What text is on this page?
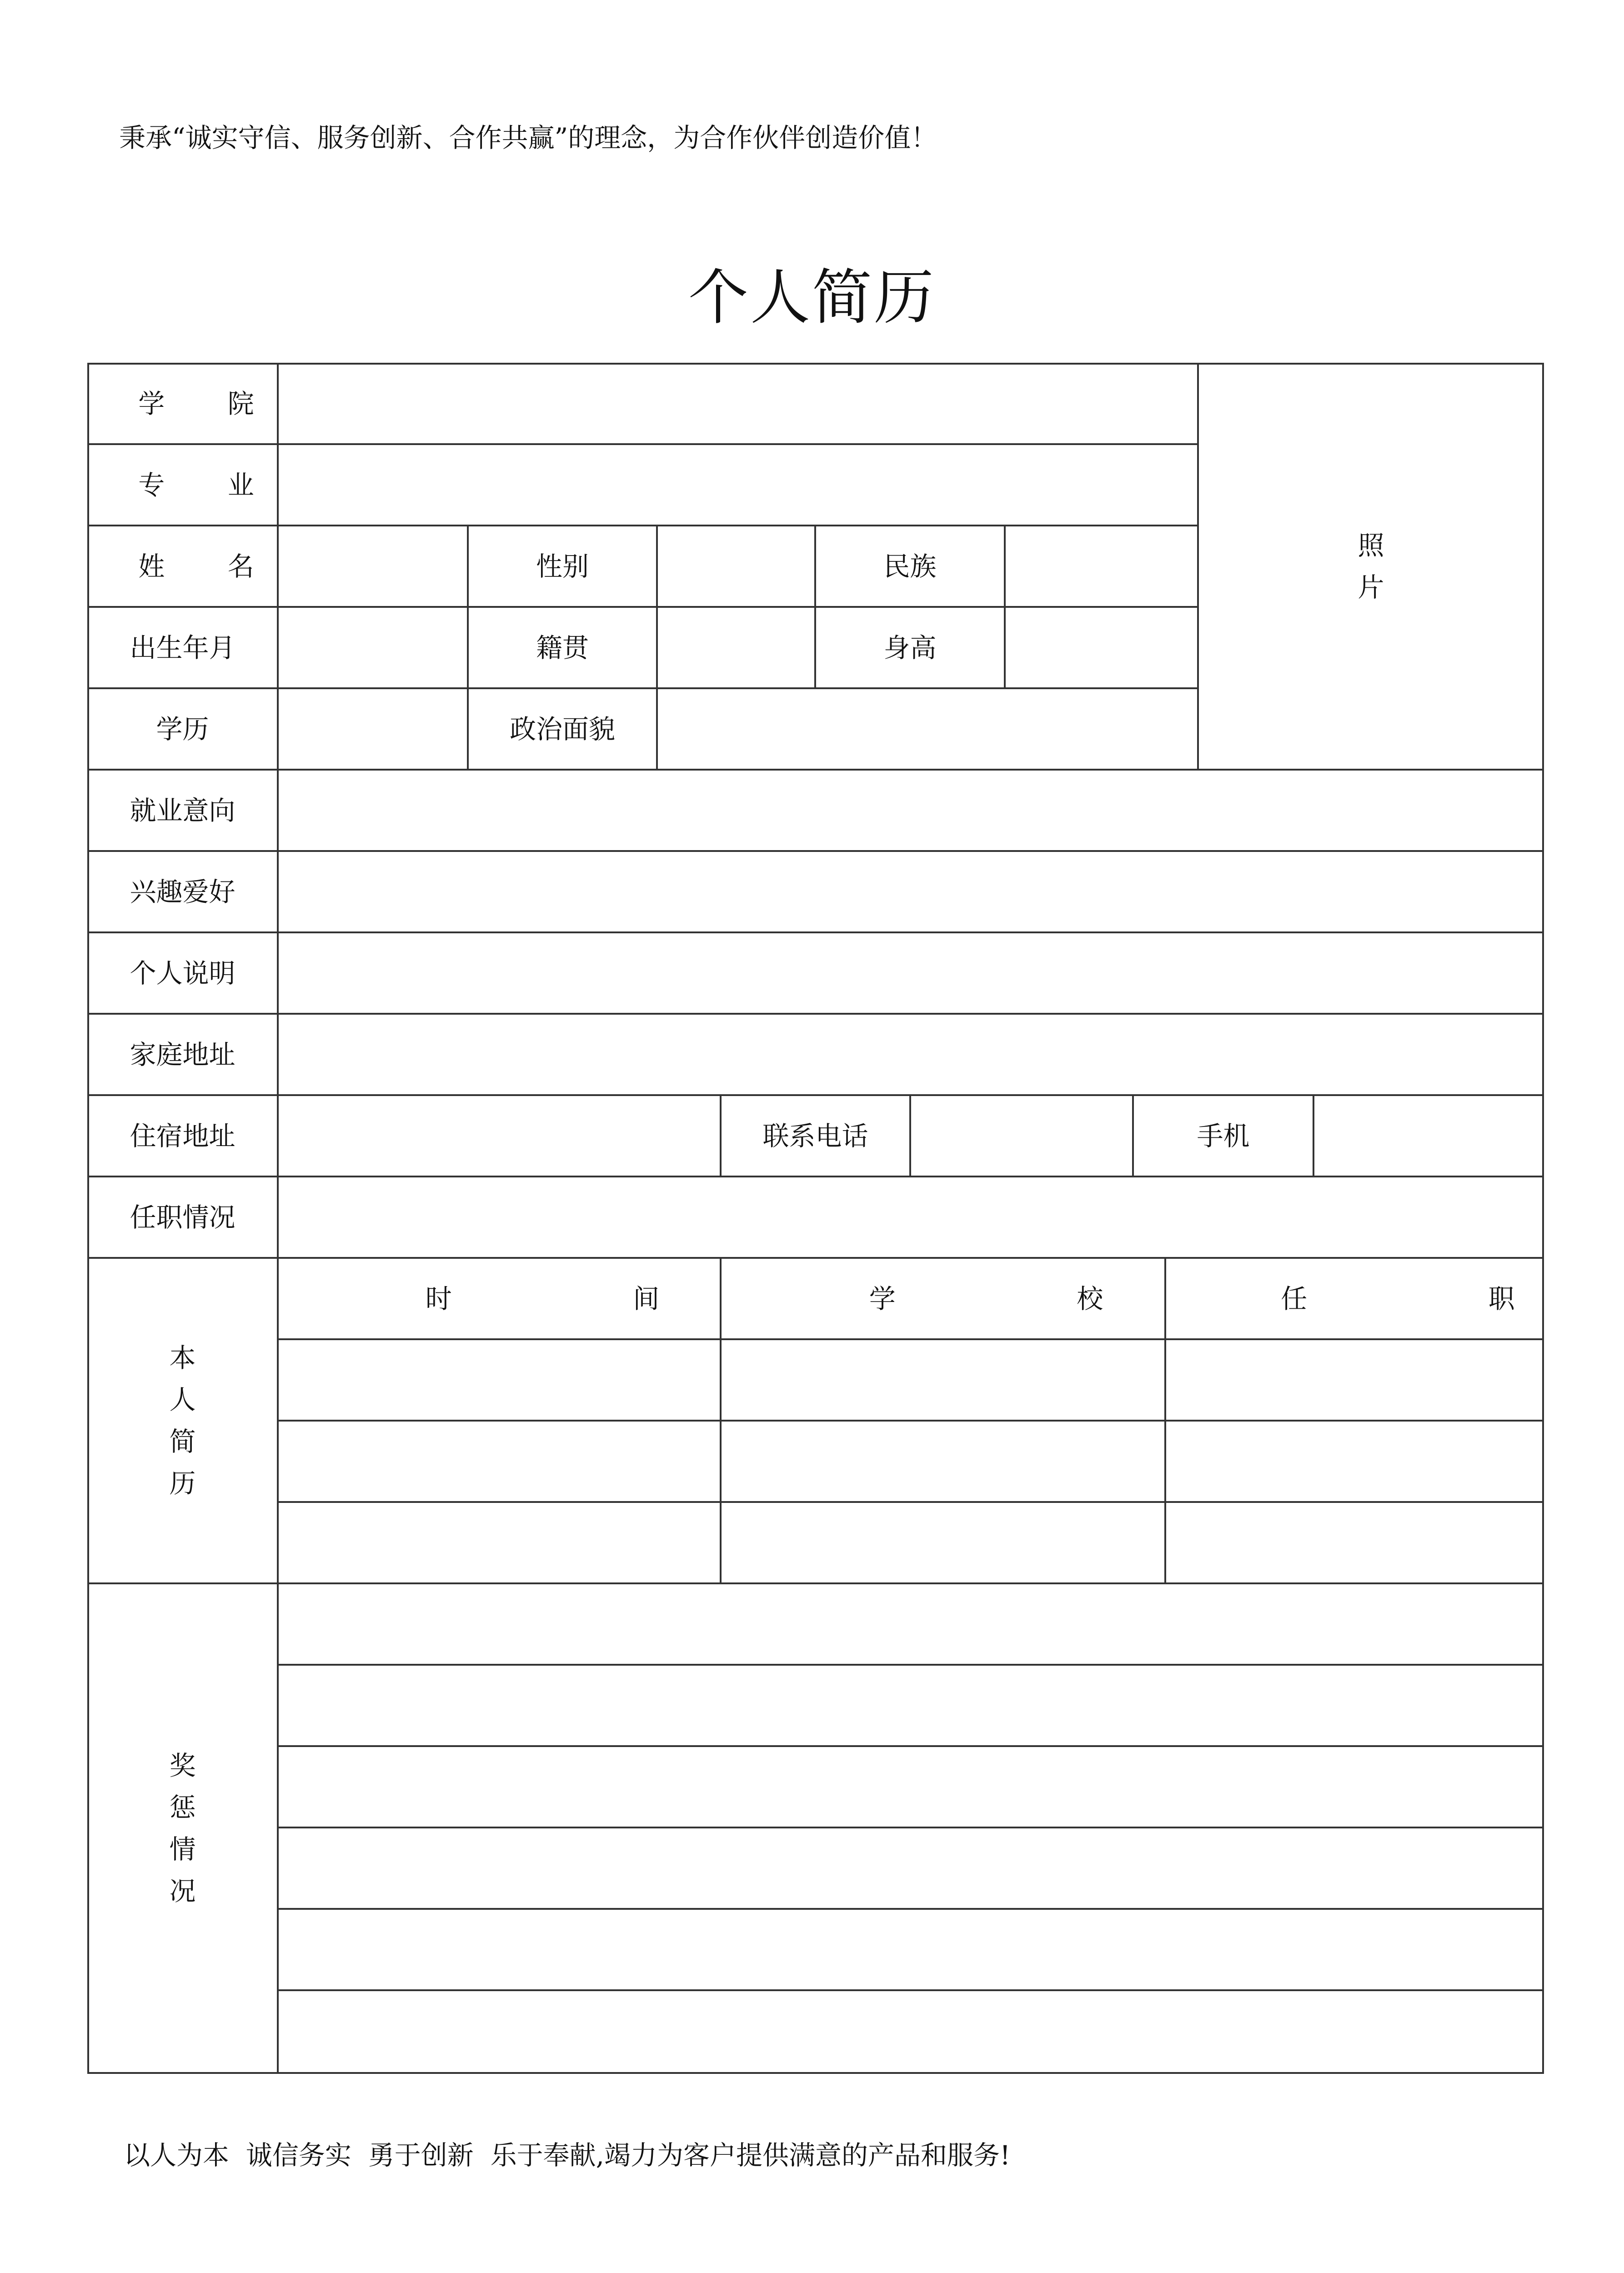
秉承“诚实守信、服务创新、合作共赢”的理念，为合作伙伴创造价值！
个人简历
学 院
专 业
姓 名	性别	民族
出生年月	籍贯	身高
学历	政治面貌
照
片
就业意向
兴趣爱好
个人说明
家庭地址
住宿地址	联系电话	手机
任职情况
本
人
简
历
时 间	学 校	任 职
奖
惩
情
况
以人为本  诚信务实  勇于创新  乐于奉献,竭力为客户提供满意的产品和服务!
